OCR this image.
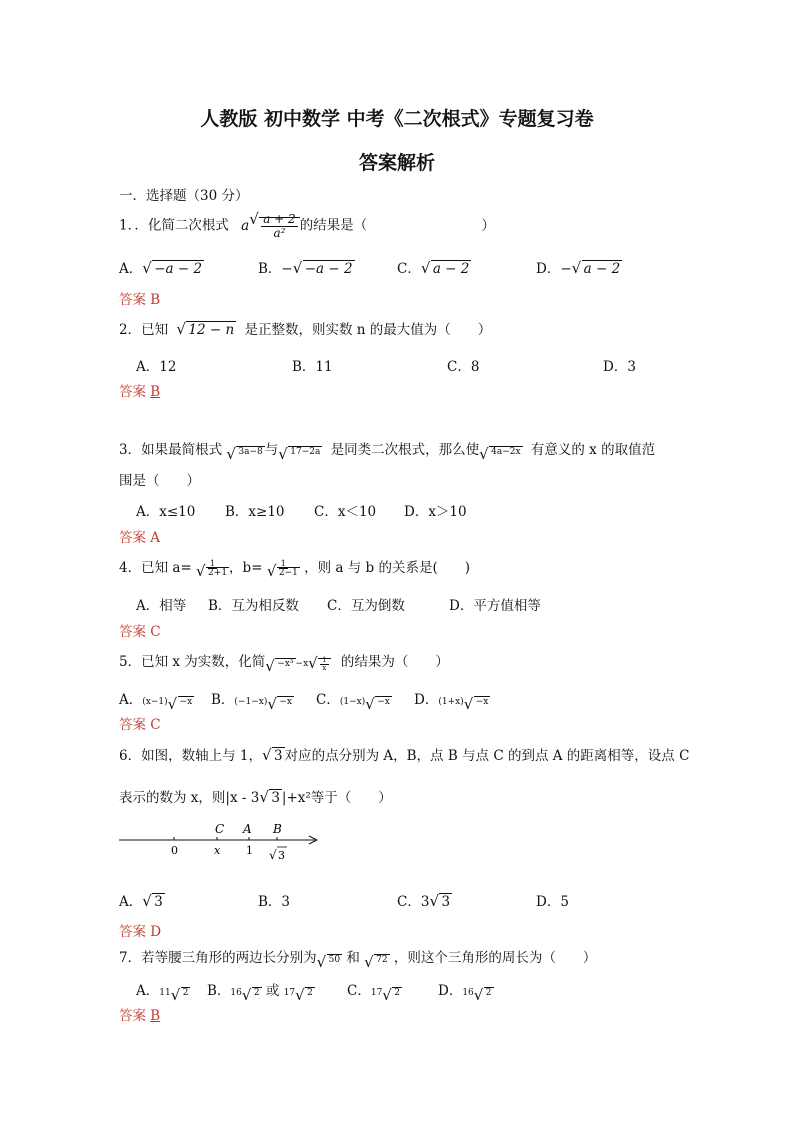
人教版 初中数学 中考《二次根式》专题复习卷
答案解析
一．选择题（30 分）
1．．化简二次根式 $a√ \frac{a + 2}{\text{a²}}$ 的结果是（	）
A．√ −a − 2	B．−√ −a − 2	C．√ a − 2	D．−√ a − 2
答案 B
2．已知 √ 12 − n 是正整数，则实数 n 的最大值为（　　）
A．12	B．11	C．8	D．3
答案 B
3．如果最简根式 √ 3a−8 与√ 17−2a 是同类二次根式，那么使√ 4a−2x 有意义的 x 的取值范
围是（　　）
A．x≤10 B．x≥10 C．x＜10 D．x＞10
答案 A
4．已知 a= 1
√ 2+1，b= 1
√ 2−1 ，则 a 与 b 的关系是(　　)
A．相等 B．互为相反数 C．互为倒数	D．平方值相等
答案 C
5．已知 x 为实数，化简√ $-x^3 -x√ \frac{1}{x}$ 的结果为（　　）
A．(x−1)√ −x B．(−1−x)√ −x C．(1−x)√ −x D．(1+x)√ −x
答案 C
6．如图，数轴上与 1，√ 3 对应的点分别为 A，B，点 B 与点 C 的到点 A 的距离相等，设点 C
表示的数为 x，则|x - 3√ 3 |+x²等于（　　）
C A B
0	x 1 √ 3
A．√ 3	B．3	C．3√ 3	D．5
答案 D
7．若等腰三角形的两边长分别为√ 50 和 √ 72 ，则这个三角形的周长为（　　）
A．11√ 2 B．16√ 2 或 17√ 2	C．17√ 2	D．16√ 2
答案 B
